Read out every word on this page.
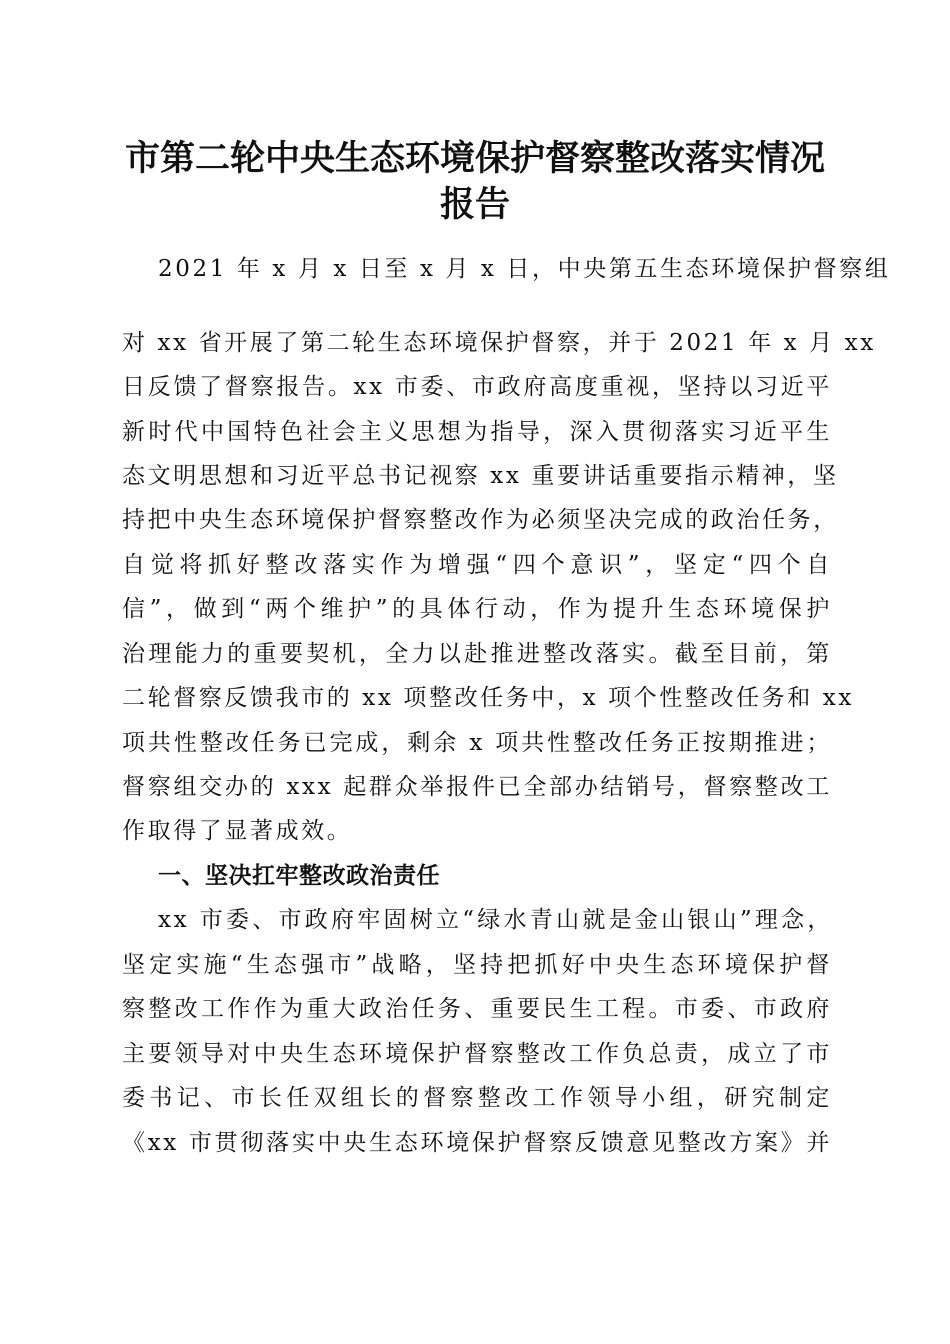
市第二轮中央生态环境保护督察整改落实情况
报告

2021 年 x 月 x 日至 x 月 x 日，中央第五生态环境保护督察组

对 xx 省开展了第二轮生态环境保护督察，并于 2021 年 x 月 xx

日反馈了督察报告。xx 市委、市政府高度重视，坚持以习近平

新时代中国特色社会主义思想为指导，深入贯彻落实习近平生

态文明思想和习近平总书记视察 xx 重要讲话重要指示精神，坚

持把中央生态环境保护督察整改作为必须坚决完成的政治任务，

自觉将抓好整改落实作为增强“四个意识”，坚定“四个自

信”，做到“两个维护”的具体行动，作为提升生态环境保护

治理能力的重要契机，全力以赴推进整改落实。截至目前，第

二轮督察反馈我市的 xx 项整改任务中，x 项个性整改任务和 xx

项共性整改任务已完成，剩余 x 项共性整改任务正按期推进；

督察组交办的 xxx 起群众举报件已全部办结销号，督察整改工

作取得了显著成效。

一、坚决扛牢整改政治责任

xx 市委、市政府牢固树立“绿水青山就是金山银山”理念，

坚定实施“生态强市”战略，坚持把抓好中央生态环境保护督

察整改工作作为重大政治任务、重要民生工程。市委、市政府

主要领导对中央生态环境保护督察整改工作负总责，成立了市

委书记、市长任双组长的督察整改工作领导小组，研究制定

《xx 市贯彻落实中央生态环境保护督察反馈意见整改方案》并
